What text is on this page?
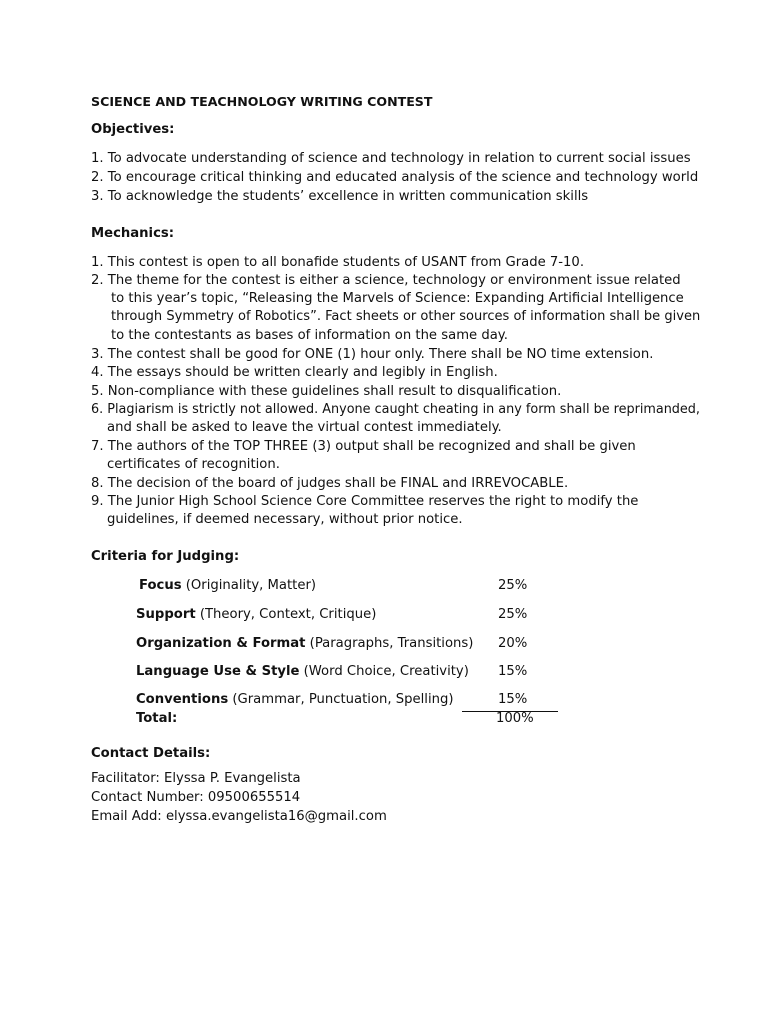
SCIENCE AND TEACHNOLOGY WRITING CONTEST
Objectives:
1. To advocate understanding of science and technology in relation to current social issues
2. To encourage critical thinking and educated analysis of the science and technology world
3. To acknowledge the students’ excellence in written communication skills
Mechanics:
1. This contest is open to all bonafide students of USANT from Grade 7-10.
2. The theme for the contest is either a science, technology or environment issue related
to this year’s topic, “Releasing the Marvels of Science: Expanding Artificial Intelligence
through Symmetry of Robotics”. Fact sheets or other sources of information shall be given
to the contestants as bases of information on the same day.
3. The contest shall be good for ONE (1) hour only. There shall be NO time extension.
4. The essays should be written clearly and legibly in English.
5. Non-compliance with these guidelines shall result to disqualification.
6. Plagiarism is strictly not allowed. Anyone caught cheating in any form shall be reprimanded,
and shall be asked to leave the virtual contest immediately.
7. The authors of the TOP THREE (3) output shall be recognized and shall be given
certificates of recognition.
8. The decision of the board of judges shall be FINAL and IRREVOCABLE.
9. The Junior High School Science Core Committee reserves the right to modify the
guidelines, if deemed necessary, without prior notice.
Criteria for Judging:
Focus (Originality, Matter)	25%
Support (Theory, Context, Critique)	25%
Organization & Format (Paragraphs, Transitions) 20%
Language Use & Style (Word Choice, Creativity) 15%
Conventions (Grammar, Punctuation, Spelling)	15%
Total:	100%
Contact Details:
Facilitator: Elyssa P. Evangelista
Contact Number: 09500655514
Email Add: elyssa.evangelista16@gmail.com
